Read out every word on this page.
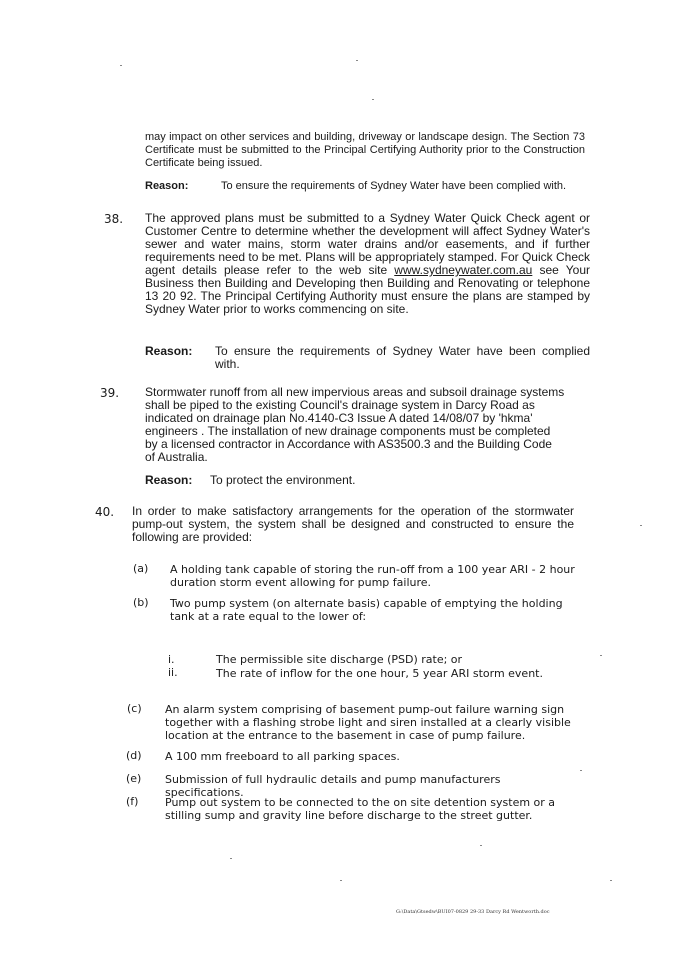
may impact on other services and building, driveway or landscape design. The Section 73 Certificate must be submitted to the Principal Certifying Authority prior to the Construction Certificate being issued.
Reason:	To ensure the requirements of Sydney Water have been complied with.
38. The approved plans must be submitted to a Sydney Water Quick Check agent or Customer Centre to determine whether the development will affect Sydney Water's sewer and water mains, storm water drains and/or easements, and if further requirements need to be met. Plans will be appropriately stamped. For Quick Check agent details please refer to the web site www.sydneywater.com.au see Your Business then Building and Developing then Building and Renovating or telephone 13 20 92. The Principal Certifying Authority must ensure the plans are stamped by Sydney Water prior to works commencing on site.
Reason: To ensure the requirements of Sydney Water have been complied with.
39. Stormwater runoff from all new impervious areas and subsoil drainage systems shall be piped to the existing Council's drainage system in Darcy Road as indicated on drainage plan No.4140-C3 Issue A dated 14/08/07 by 'hkma' engineers . The installation of new drainage components must be completed by a licensed contractor in Accordance with AS3500.3 and the Building Code of Australia.
Reason: To protect the environment.
40. In order to make satisfactory arrangements for the operation of the stormwater pump-out system, the system shall be designed and constructed to ensure the following are provided:
(a) A holding tank capable of storing the run-off from a 100 year ARI - 2 hour duration storm event allowing for pump failure.
(b) Two pump system (on alternate basis) capable of emptying the holding tank at a rate equal to the lower of:
i.	The permissible site discharge (PSD) rate; or
ii.	The rate of inflow for the one hour, 5 year ARI storm event.
(c) An alarm system comprising of basement pump-out failure warning sign together with a flashing strobe light and siren installed at a clearly visible location at the entrance to the basement in case of pump failure.
(d) A 100 mm freeboard to all parking spaces.
(e) Submission of full hydraulic details and pump manufacturers specifications.
(f) Pump out system to be connected to the on site detention system or a stilling sump and gravity line before discharge to the street gutter.
G:\Data\Gtsedw\BUI07-0829 29-33 Darcy Rd Wentworth.doc
